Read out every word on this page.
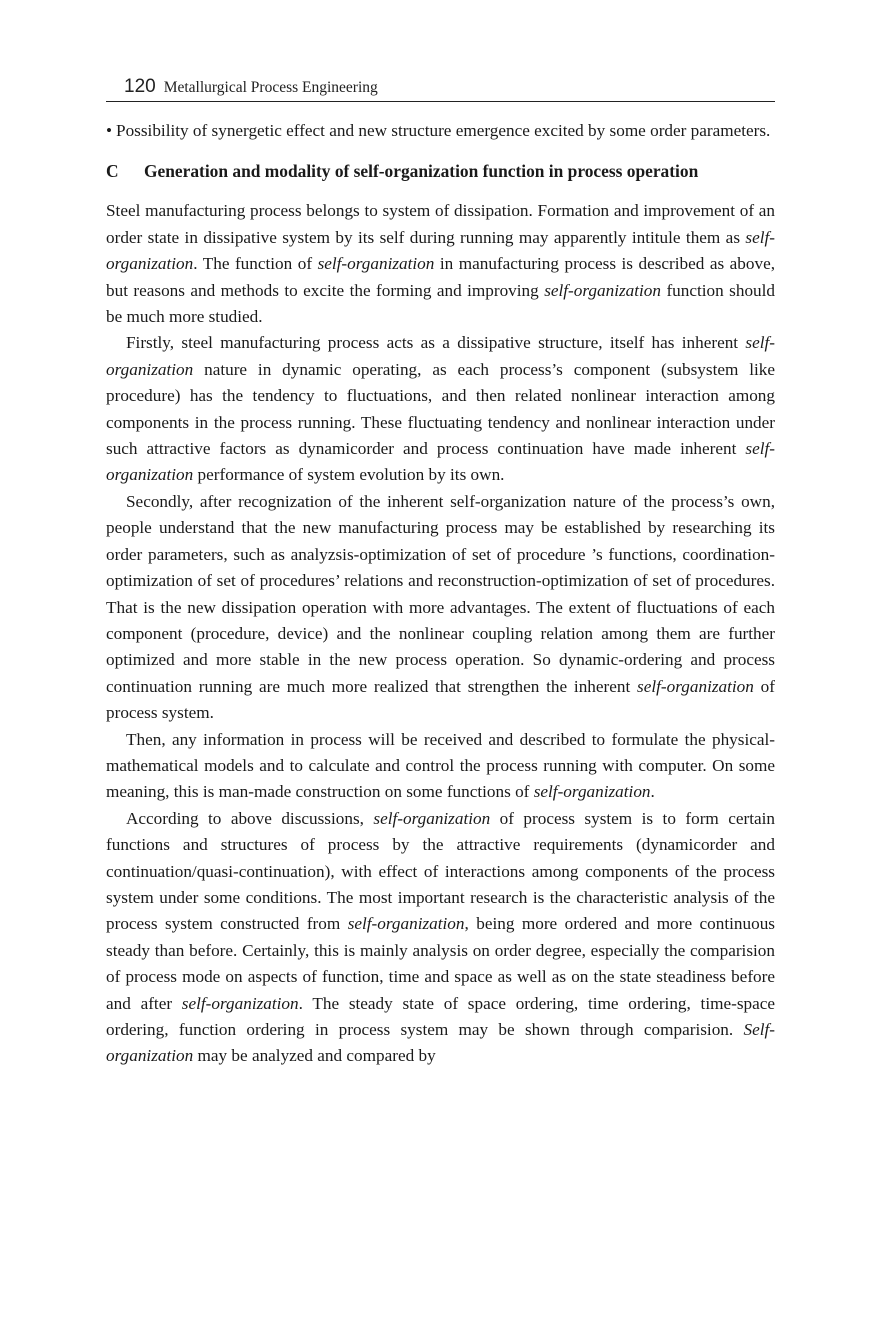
120 Metallurgical Process Engineering
• Possibility of synergetic effect and new structure emergence excited by some order parameters.
C Generation and modality of self-organization function in process operation

Steel manufacturing process belongs to system of dissipation. Formation and improvement of an order state in dissipative system by its self during running may apparently intitule them as self-organization. The function of self-organization in manufacturing process is described as above, but reasons and methods to excite the forming and improving self-organization function should be much more studied.

Firstly, steel manufacturing process acts as a dissipative structure, itself has inherent self-organization nature in dynamic operating, as each process’s component (subsystem like procedure) has the tendency to fluctuations, and then related nonlinear interaction among components in the process running. These fluctuating tendency and nonlinear interaction under such attractive factors as dynamicorder and process continuation have made inherent self-organization performance of system evolution by its own.

Secondly, after recognization of the inherent self-organization nature of the process’s own, people understand that the new manufacturing process may be established by researching its order parameters, such as analyzsis-optimization of set of procedure ’s functions, coordination-optimization of set of procedures’ relations and reconstruction-optimization of set of procedures. That is the new dissipation operation with more advantages. The extent of fluctuations of each component (procedure, device) and the nonlinear coupling relation among them are further optimized and more stable in the new process operation. So dynamic-ordering and process continuation running are much more realized that strengthen the inherent self-organization of process system.

Then, any information in process will be received and described to formulate the physical-mathematical models and to calculate and control the process running with computer. On some meaning, this is man-made construction on some functions of self-organization.

According to above discussions, self-organization of process system is to form certain functions and structures of process by the attractive requirements (dynamicorder and continuation/quasi-continuation), with effect of interactions among components of the process system under some conditions. The most important research is the characteristic analysis of the process system constructed from self-organization, being more ordered and more continuous steady than before. Certainly, this is mainly analysis on order degree, especially the comparision of process mode on aspects of function, time and space as well as on the state steadiness before and after self-organization. The steady state of space ordering, time ordering, time-space ordering, function ordering in process system may be shown through comparision. Self-organization may be analyzed and compared by
